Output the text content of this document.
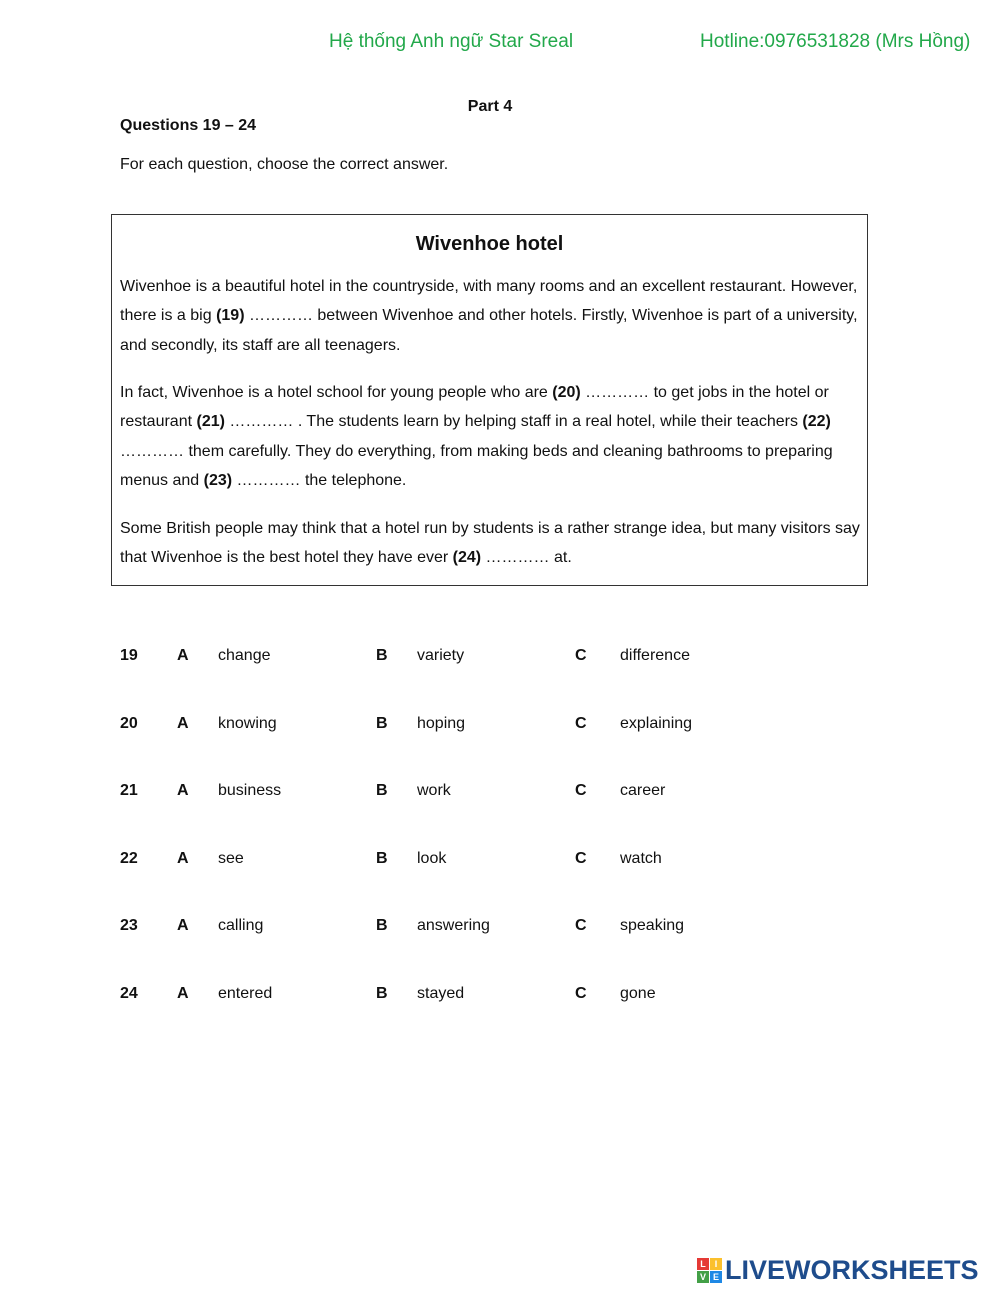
Hệ thống Anh ngữ Star Sreal	Hotline:0976531828 (Mrs Hồng)
Part 4
Questions 19 – 24
For each question, choose the correct answer.
Wivenhoe hotel

Wivenhoe is a beautiful hotel in the countryside, with many rooms and an excellent restaurant. However, there is a big (19) ………… between Wivenhoe and other hotels. Firstly, Wivenhoe is part of a university, and secondly, its staff are all teenagers.

In fact, Wivenhoe is a hotel school for young people who are (20) ………… to get jobs in the hotel or restaurant (21) ………… . The students learn by helping staff in a real hotel, while their teachers (22) ………… them carefully. They do everything, from making beds and cleaning bathrooms to preparing menus and (23) ………… the telephone.

Some British people may think that a hotel run by students is a rather strange idea, but many visitors say that Wivenhoe is the best hotel they have ever (24) ………… at.

19 A change	B variety	C difference
20 A knowing	B hoping	C explaining
21 A business	B work	C career
22 A see	B look	C watch
23 A calling	B answering	C speaking
24 A entered	B stayed	C gone
L I
V E LIVEWORKSHEETS
